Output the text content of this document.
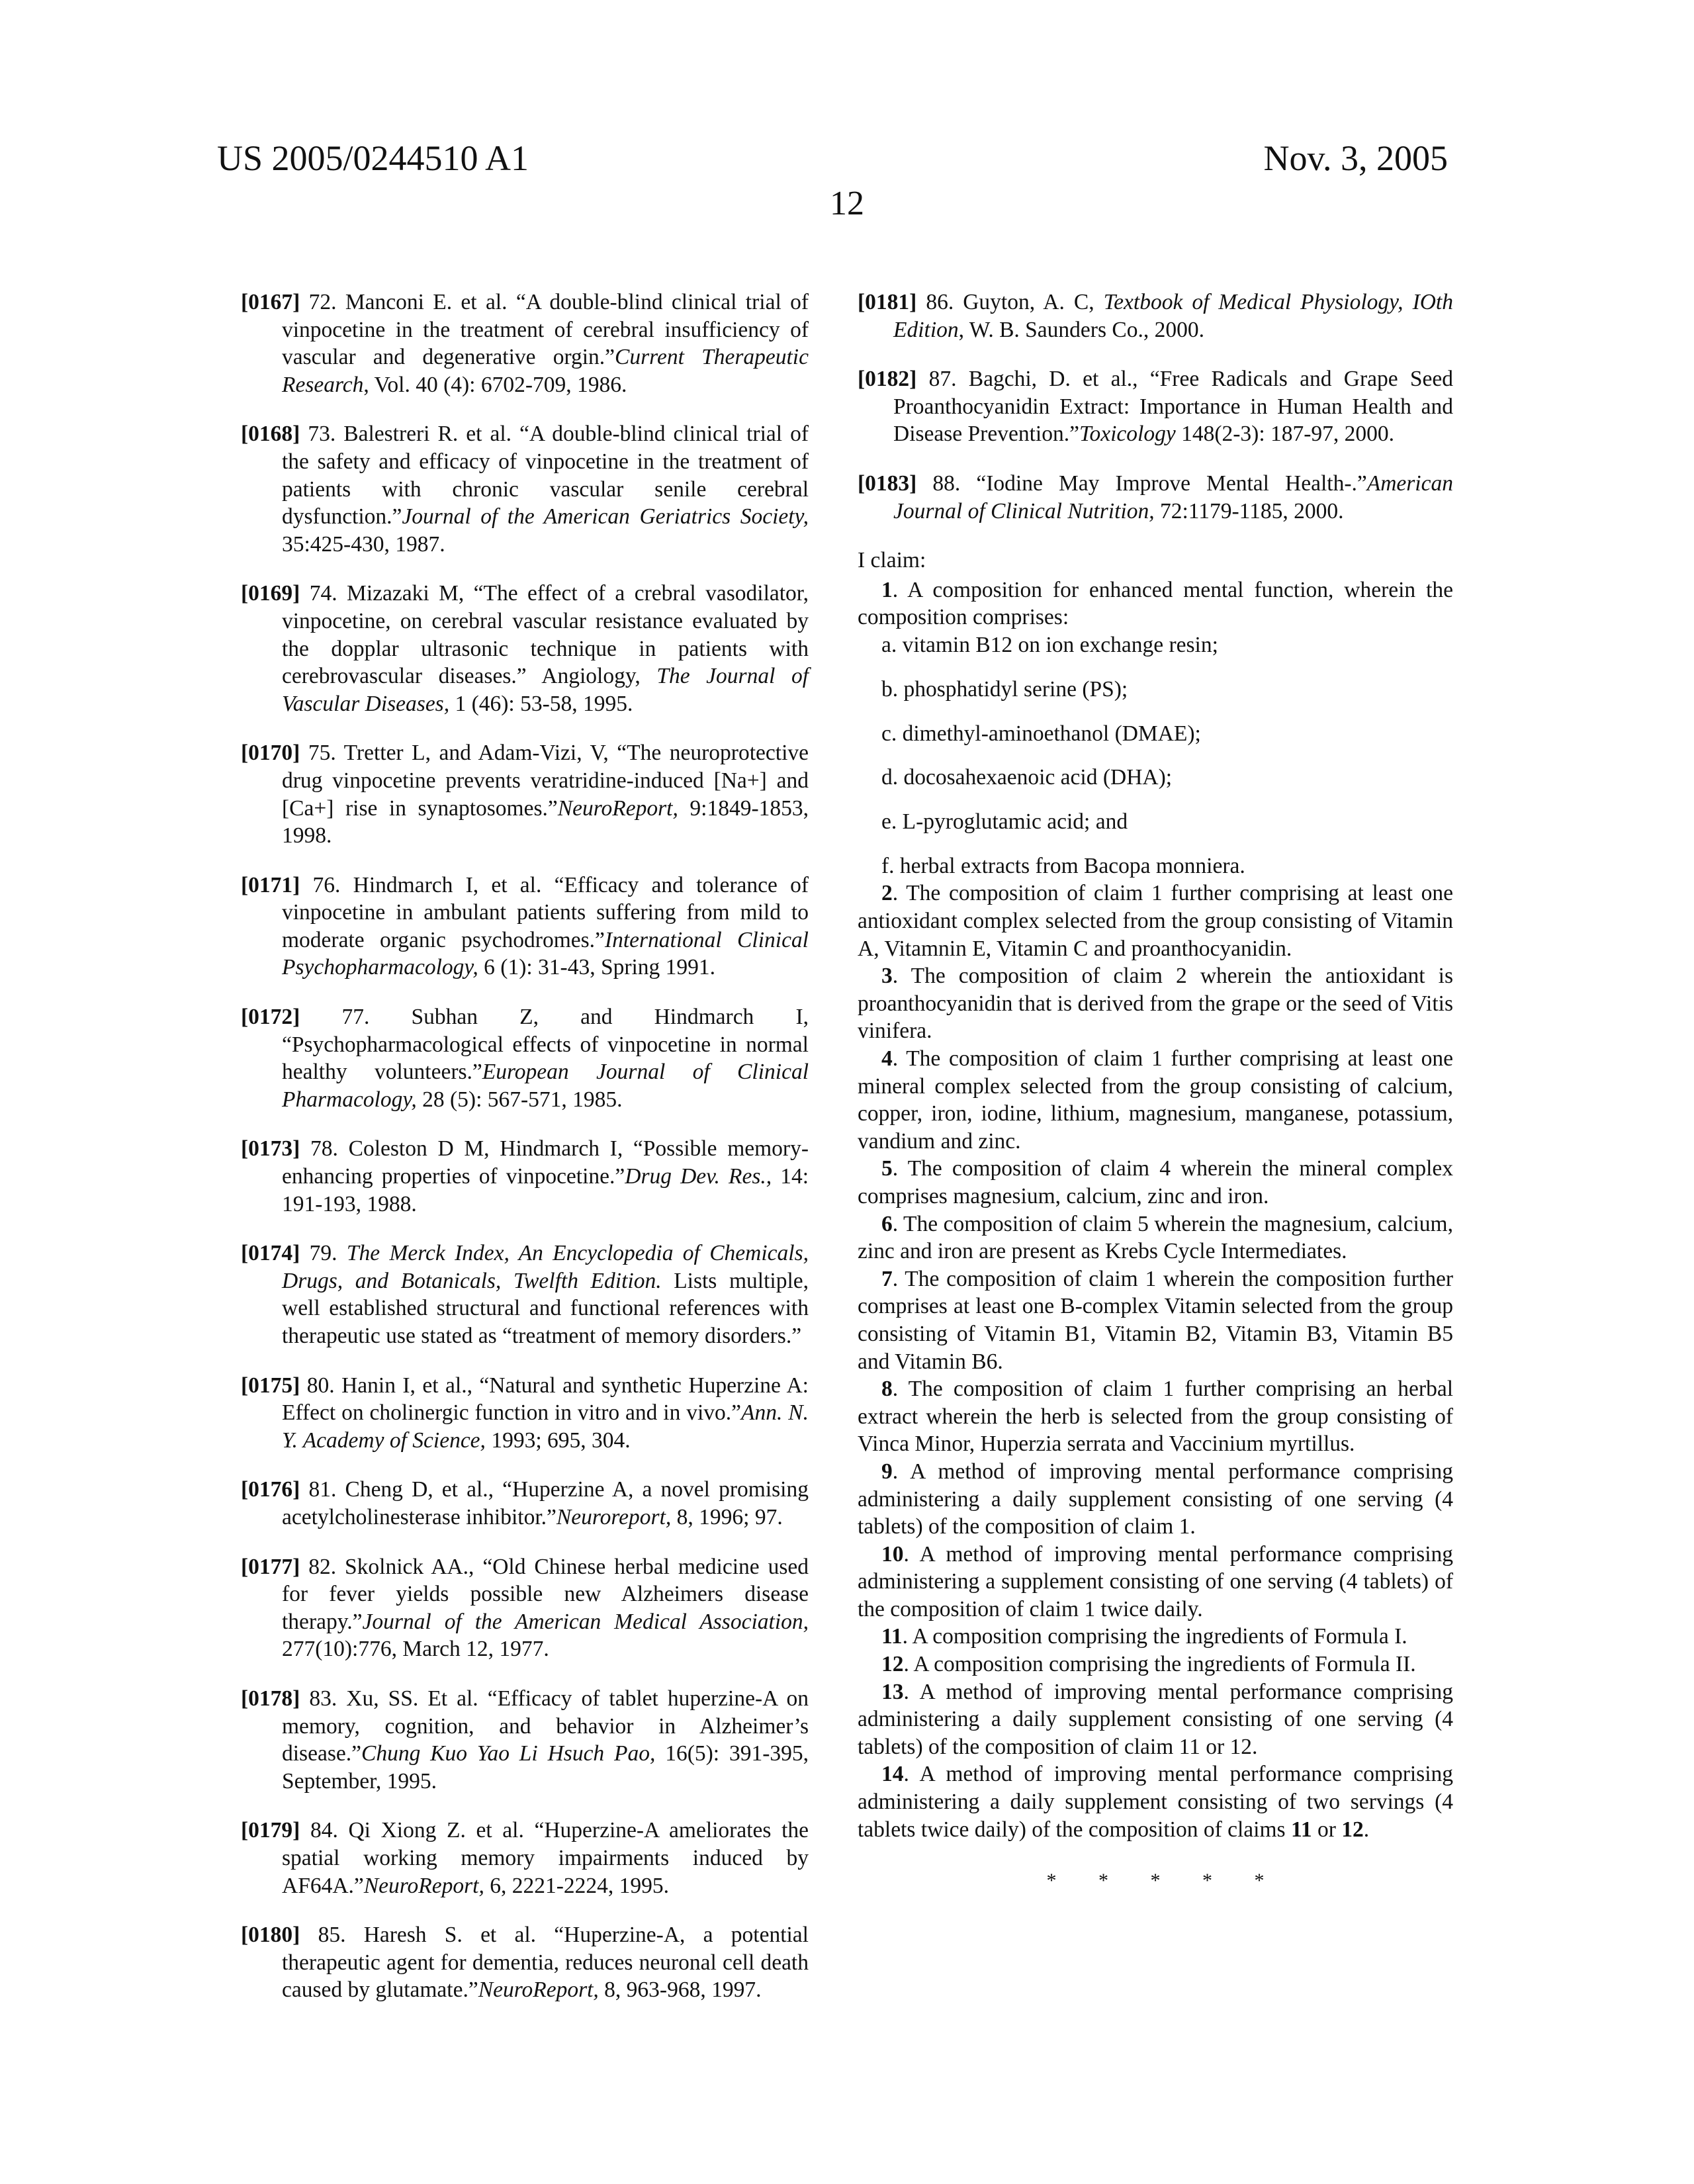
US 2005/0244510 A1	Nov. 3, 2005
12

[0167] 72. Manconi E. et al. “A double-blind clinical trial of vinpocetine in the treatment of cerebral insufficiency of vascular and degenerative orgin.”Current Therapeutic Research, Vol. 40 (4): 6702-709, 1986.

[0168] 73. Balestreri R. et al. “A double-blind clinical trial of the safety and efficacy of vinpocetine in the treatment of patients with chronic vascular senile cerebral dysfunction.”Journal of the American Geriatrics Society, 35:425-430, 1987.

[0169] 74. Mizazaki M, “The effect of a crebral vasodilator, vinpocetine, on cerebral vascular resistance evaluated by the dopplar ultrasonic technique in patients with cerebrovascular diseases.” Angiology, The Journal of Vascular Diseases, 1 (46): 53-58, 1995.

[0170] 75. Tretter L, and Adam-Vizi, V, “The neuroprotective drug vinpocetine prevents veratridine-induced [Na+] and [Ca+] rise in synaptosomes.”NeuroReport, 9:1849-1853, 1998.

[0171] 76. Hindmarch I, et al. “Efficacy and tolerance of vinpocetine in ambulant patients suffering from mild to moderate organic psychodromes.”International Clinical Psychopharmacology, 6 (1): 31-43, Spring 1991.

[0172] 77. Subhan Z, and Hindmarch I, “Psychopharmacological effects of vinpocetine in normal healthy volunteers.”European Journal of Clinical Pharmacology, 28 (5): 567-571, 1985.

[0173] 78. Coleston D M, Hindmarch I, “Possible memory-enhancing properties of vinpocetine.”Drug Dev. Res., 14: 191-193, 1988.

[0174] 79. The Merck Index, An Encyclopedia of Chemicals, Drugs, and Botanicals, Twelfth Edition. Lists multiple, well established structural and functional references with therapeutic use stated as “treatment of memory disorders.”

[0175] 80. Hanin I, et al., “Natural and synthetic Huperzine A: Effect on cholinergic function in vitro and in vivo.”Ann. N. Y. Academy of Science, 1993; 695, 304.

[0176] 81. Cheng D, et al., “Huperzine A, a novel promising acetylcholinesterase inhibitor.”Neuroreport, 8, 1996; 97.

[0177] 82. Skolnick AA., “Old Chinese herbal medicine used for fever yields possible new Alzheimers disease therapy.”Journal of the American Medical Association, 277(10):776, March 12, 1977.

[0178] 83. Xu, SS. Et al. “Efficacy of tablet huperzine-A on memory, cognition, and behavior in Alzheimer’s disease.”Chung Kuo Yao Li Hsuch Pao, 16(5): 391-395, September, 1995.

[0179] 84. Qi Xiong Z. et al. “Huperzine-A ameliorates the spatial working memory impairments induced by AF64A.”NeuroReport, 6, 2221-2224, 1995.

[0180] 85. Haresh S. et al. “Huperzine-A, a potential therapeutic agent for dementia, reduces neuronal cell death caused by glutamate.”NeuroReport, 8, 963-968, 1997.

[0181] 86. Guyton, A. C, Textbook of Medical Physiology, IOth Edition, W. B. Saunders Co., 2000.

[0182] 87. Bagchi, D. et al., “Free Radicals and Grape Seed Proanthocyanidin Extract: Importance in Human Health and Disease Prevention.”Toxicology 148(2-3): 187-97, 2000.

[0183] 88. “Iodine May Improve Mental Health-.”American Journal of Clinical Nutrition, 72:1179-1185, 2000.

I claim:

1. A composition for enhanced mental function, wherein the composition comprises:

a. vitamin B12 on ion exchange resin;

b. phosphatidyl serine (PS);

c. dimethyl-aminoethanol (DMAE);

d. docosahexaenoic acid (DHA);

e. L-pyroglutamic acid; and

f. herbal extracts from Bacopa monniera.

2. The composition of claim 1 further comprising at least one antioxidant complex selected from the group consisting of Vitamin A, Vitamnin E, Vitamin C and proanthocyanidin.

3. The composition of claim 2 wherein the antioxidant is proanthocyanidin that is derived from the grape or the seed of Vitis vinifera.

4. The composition of claim 1 further comprising at least one mineral complex selected from the group consisting of calcium, copper, iron, iodine, lithium, magnesium, manganese, potassium, vandium and zinc.

5. The composition of claim 4 wherein the mineral complex comprises magnesium, calcium, zinc and iron.

6. The composition of claim 5 wherein the magnesium, calcium, zinc and iron are present as Krebs Cycle Intermediates.

7. The composition of claim 1 wherein the composition further comprises at least one B-complex Vitamin selected from the group consisting of Vitamin B1, Vitamin B2, Vitamin B3, Vitamin B5 and Vitamin B6.

8. The composition of claim 1 further comprising an herbal extract wherein the herb is selected from the group consisting of Vinca Minor, Huperzia serrata and Vaccinium myrtillus.

9. A method of improving mental performance comprising administering a daily supplement consisting of one serving (4 tablets) of the composition of claim 1.

10. A method of improving mental performance comprising administering a supplement consisting of one serving (4 tablets) of the composition of claim 1 twice daily.

11. A composition comprising the ingredients of Formula I.

12. A composition comprising the ingredients of Formula II.

13. A method of improving mental performance comprising administering a daily supplement consisting of one serving (4 tablets) of the composition of claim 11 or 12.

14. A method of improving mental performance comprising administering a daily supplement consisting of two servings (4 tablets twice daily) of the composition of claims 11 or 12.

* * * * *
